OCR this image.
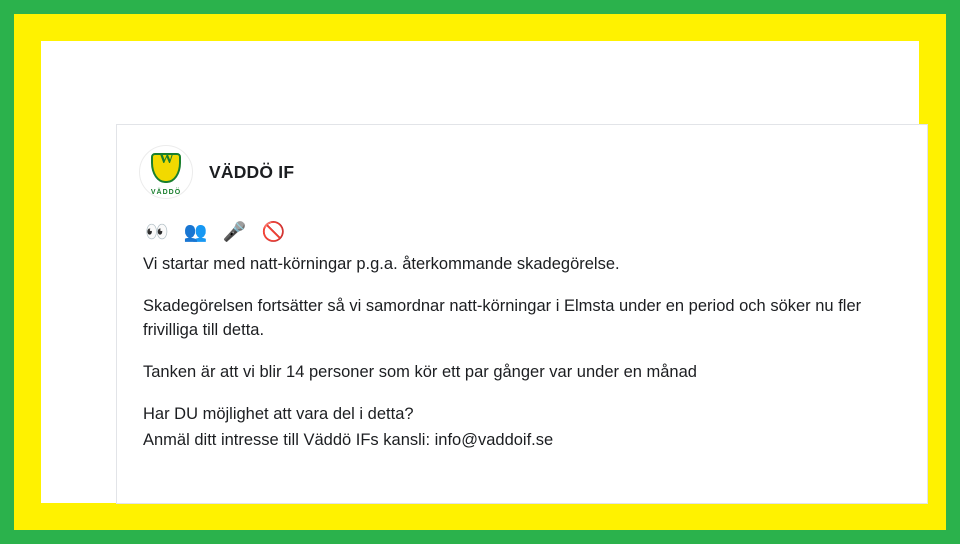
W
VÄDDÖ
VÄDDÖ IF
👀 👥 🎤 🚫

Vi startar med natt-körningar p.g.a. återkommande skadegörelse.

Skadegörelsen fortsätter så vi samordnar natt-körningar i Elmsta under en period och söker nu fler frivilliga till detta.

Tanken är att vi blir 14 personer som kör ett par gånger var under en månad

Har DU möjlighet att vara del i detta?

Anmäl ditt intresse till Väddö IFs kansli: info@vaddoif.se
